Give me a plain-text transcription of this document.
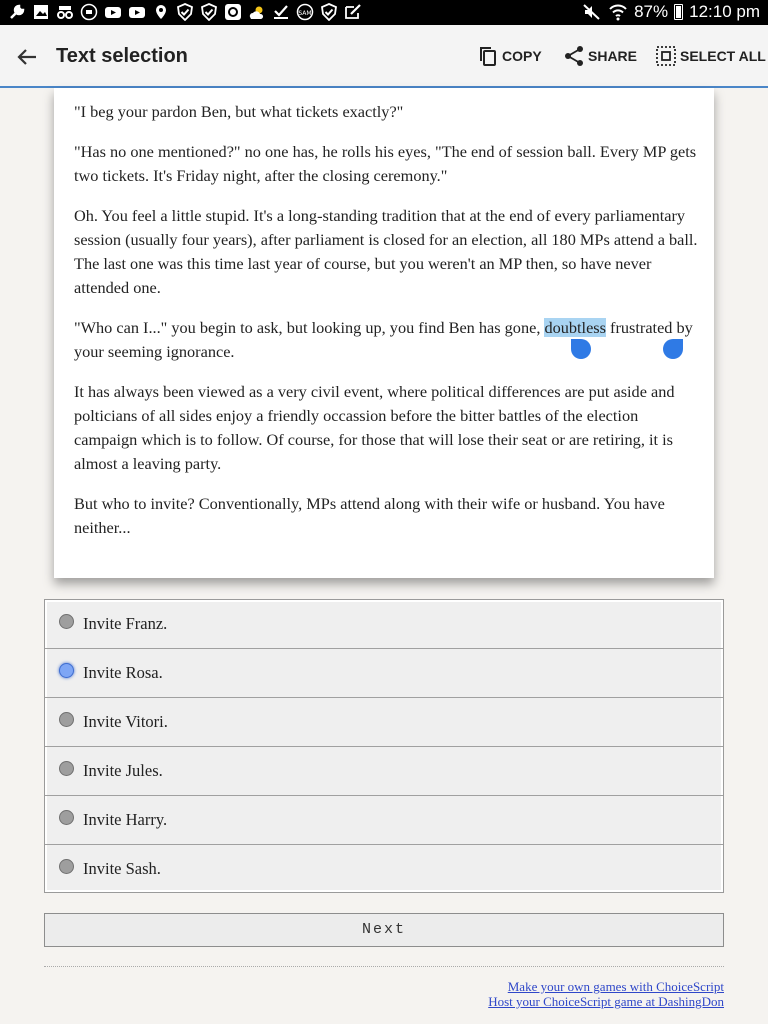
SAM	87% 12:10 pm
Text selection	COPY	SHARE	SELECT ALL

"I beg your pardon Ben, but what tickets exactly?"

"Has no one mentioned?" no one has, he rolls his eyes, "The end of session ball. Every MP gets two tickets. It's Friday night, after the closing ceremony."

Oh. You feel a little stupid. It's a long-standing tradition that at the end of every parliamentary session (usually four years), after parliament is closed for an election, all 180 MPs attend a ball. The last one was this time last year of course, but you weren't an MP then, so have never attended one.

"Who can I..." you begin to ask, but looking up, you find Ben has gone, doubtless frustrated by your seeming ignorance.

It has always been viewed as a very civil event, where political differences are put aside and polticians of all sides enjoy a friendly occassion before the bitter battles of the election campaign which is to follow. Of course, for those that will lose their seat or are retiring, it is almost a leaving party.

But who to invite? Conventionally, MPs attend along with their wife or husband. You have neither...

Invite Franz.
Invite Rosa.
Invite Vitori.
Invite Jules.
Invite Harry.
Invite Sash.
Next
Make your own games with ChoiceScript
Host your ChoiceScript game at DashingDon
